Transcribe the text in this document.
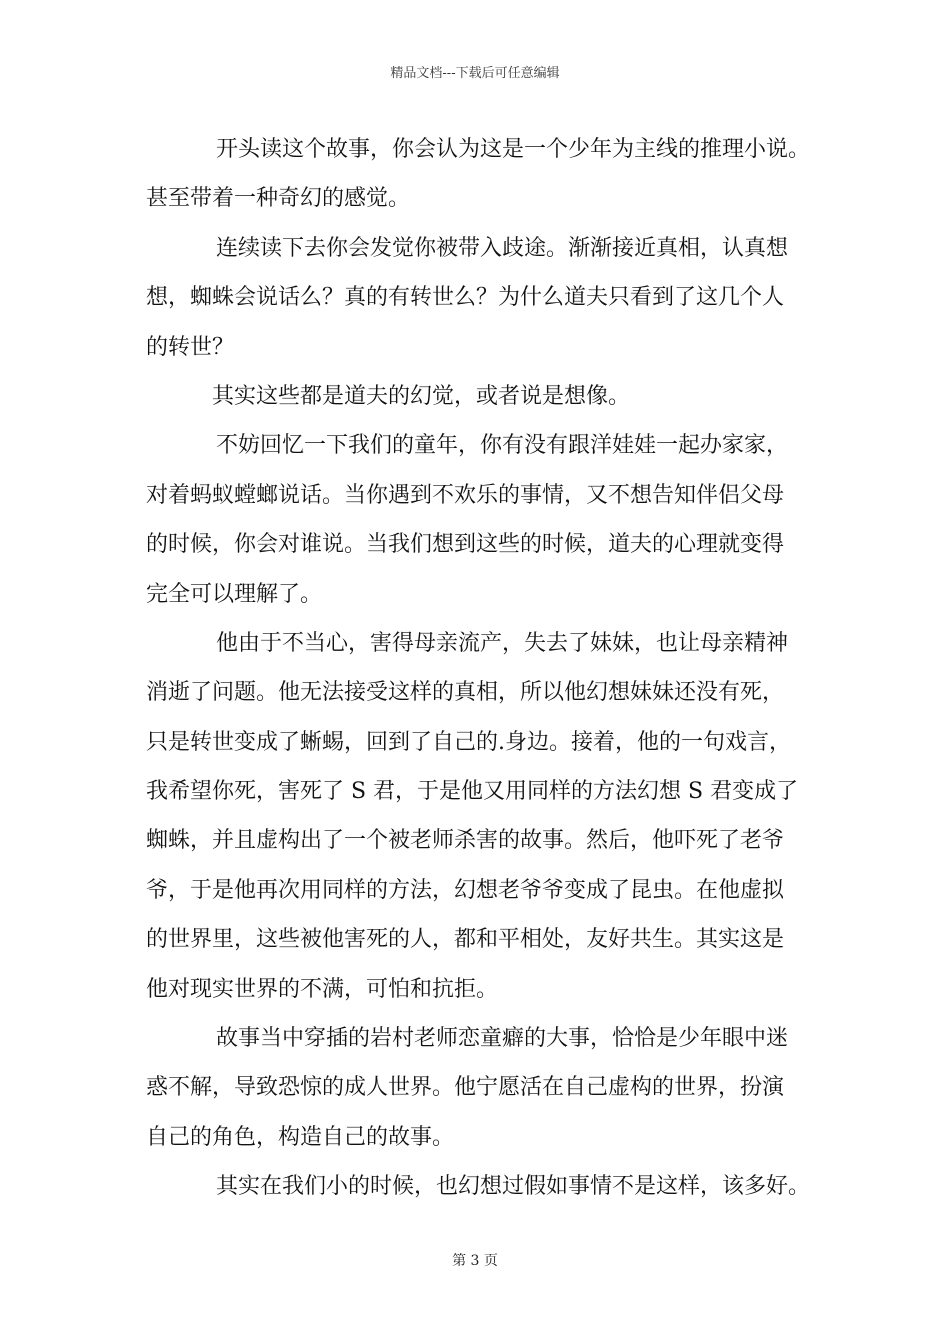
精品文档---下载后可任意编辑
开头读这个故事，你会认为这是一个少年为主线的推理小说。
甚至带着一种奇幻的感觉。
连续读下去你会发觉你被带入歧途。渐渐接近真相，认真想
想，蜘蛛会说话么？真的有转世么？为什么道夫只看到了这几个人
的转世？
其实这些都是道夫的幻觉，或者说是想像。
不妨回忆一下我们的童年，你有没有跟洋娃娃一起办家家，
对着蚂蚁螳螂说话。当你遇到不欢乐的事情，又不想告知伴侣父母
的时候，你会对谁说。当我们想到这些的时候，道夫的心理就变得
完全可以理解了。
他由于不当心，害得母亲流产，失去了妹妹，也让母亲精神
消逝了问题。他无法接受这样的真相，所以他幻想妹妹还没有死，
只是转世变成了蜥蜴，回到了自己的.身边。接着，他的一句戏言，
我希望你死，害死了 S 君，于是他又用同样的方法幻想 S 君变成了
蜘蛛，并且虚构出了一个被老师杀害的故事。然后，他吓死了老爷
爷，于是他再次用同样的方法，幻想老爷爷变成了昆虫。在他虚拟
的世界里，这些被他害死的人，都和平相处，友好共生。其实这是
他对现实世界的不满，可怕和抗拒。
故事当中穿插的岩村老师恋童癖的大事，恰恰是少年眼中迷
惑不解，导致恐惊的成人世界。他宁愿活在自己虚构的世界，扮演
自己的角色，构造自己的故事。
其实在我们小的时候，也幻想过假如事情不是这样，该多好。
第 3 页
